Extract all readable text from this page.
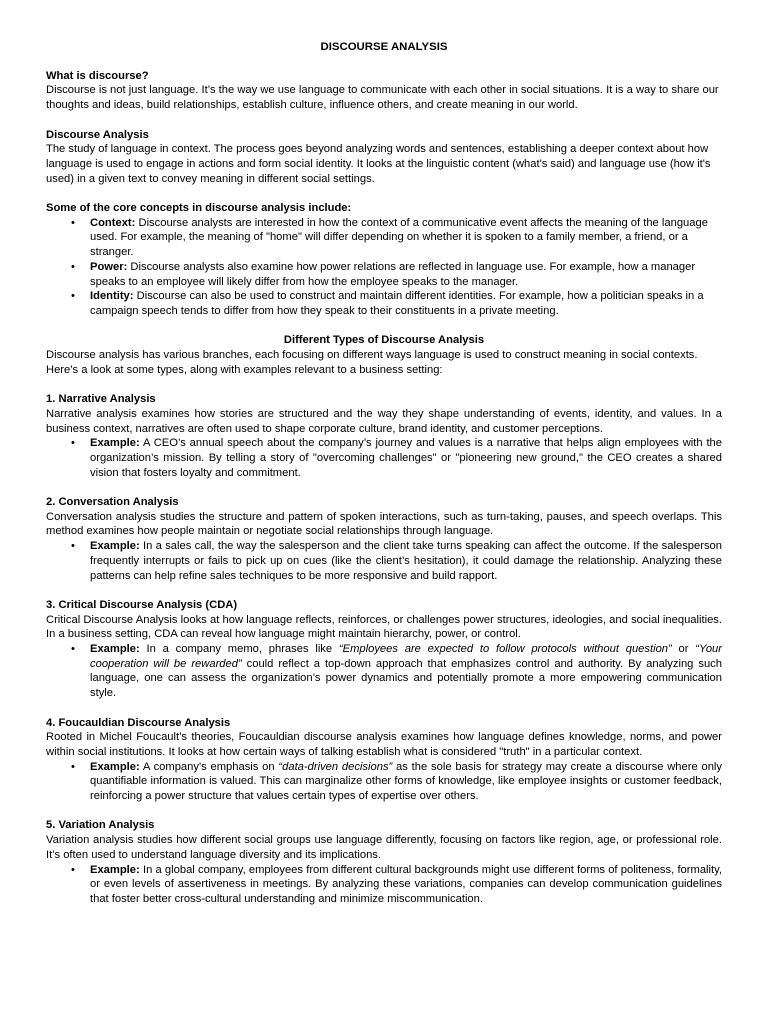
DISCOURSE ANALYSIS
What is discourse?

Discourse is not just language. It’s the way we use language to communicate with each other in social situations. It is a way to share our thoughts and ideas, build relationships, establish culture, influence others, and create meaning in our world.

Discourse Analysis

The study of language in context. The process goes beyond analyzing words and sentences, establishing a deeper context about how language is used to engage in actions and form social identity. It looks at the linguistic content (what's said) and language use (how it's used) in a given text to convey meaning in different social settings.

Some of the core concepts in discourse analysis include:
•	Context: Discourse analysts are interested in how the context of a communicative event affects the meaning of the language used. For example, the meaning of "home" will differ depending on whether it is spoken to a family member, a friend, or a stranger.
•	Power: Discourse analysts also examine how power relations are reflected in language use. For example, how a manager speaks to an employee will likely differ from how the employee speaks to the manager.
•	Identity: Discourse can also be used to construct and maintain different identities. For example, how a politician speaks in a campaign speech tends to differ from how they speak to their constituents in a private meeting.
Different Types of Discourse Analysis

Discourse analysis has various branches, each focusing on different ways language is used to construct meaning in social contexts. Here’s a look at some types, along with examples relevant to a business setting:

1. Narrative Analysis

Narrative analysis examines how stories are structured and the way they shape understanding of events, identity, and values. In a business context, narratives are often used to shape corporate culture, brand identity, and customer perceptions.

•	Example: A CEO’s annual speech about the company’s journey and values is a narrative that helps align employees with the organization’s mission. By telling a story of "overcoming challenges" or "pioneering new ground," the CEO creates a shared vision that fosters loyalty and commitment.
2. Conversation Analysis

Conversation analysis studies the structure and pattern of spoken interactions, such as turn-taking, pauses, and speech overlaps. This method examines how people maintain or negotiate social relationships through language.

•	Example: In a sales call, the way the salesperson and the client take turns speaking can affect the outcome. If the salesperson frequently interrupts or fails to pick up on cues (like the client’s hesitation), it could damage the relationship. Analyzing these patterns can help refine sales techniques to be more responsive and build rapport.
3. Critical Discourse Analysis (CDA)

Critical Discourse Analysis looks at how language reflects, reinforces, or challenges power structures, ideologies, and social inequalities. In a business setting, CDA can reveal how language might maintain hierarchy, power, or control.

•	Example: In a company memo, phrases like “Employees are expected to follow protocols without question” or “Your cooperation will be rewarded” could reflect a top-down approach that emphasizes control and authority. By analyzing such language, one can assess the organization’s power dynamics and potentially promote a more empowering communication style.
4. Foucauldian Discourse Analysis

Rooted in Michel Foucault’s theories, Foucauldian discourse analysis examines how language defines knowledge, norms, and power within social institutions. It looks at how certain ways of talking establish what is considered "truth" in a particular context.

•	Example: A company's emphasis on “data-driven decisions” as the sole basis for strategy may create a discourse where only quantifiable information is valued. This can marginalize other forms of knowledge, like employee insights or customer feedback, reinforcing a power structure that values certain types of expertise over others.
5. Variation Analysis

Variation analysis studies how different social groups use language differently, focusing on factors like region, age, or professional role. It’s often used to understand language diversity and its implications.

•	Example: In a global company, employees from different cultural backgrounds might use different forms of politeness, formality, or even levels of assertiveness in meetings. By analyzing these variations, companies can develop communication guidelines that foster better cross-cultural understanding and minimize miscommunication.
